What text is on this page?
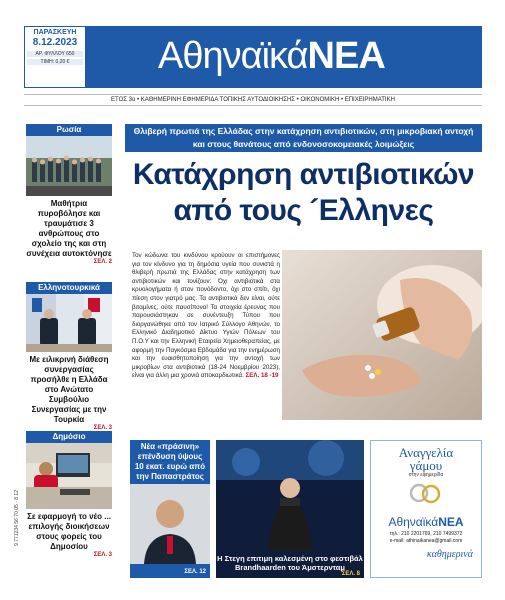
ΠΑΡΑΣΚΕΥΗ
8.12.2023
ΑΡ. ΦΥΛΛΟΥ 650
ΤΙΜΗ: 0,20 €	ΑθηναϊκάΝΕΑ
ΕΤΟΣ 3ο • ΚΑΘΗΜΕΡΙΝΗ ΕΦΗΜΕΡΙΔΑ ΤΟΠΙΚΗΣ ΑΥΤΟΔΙΟΙΚΗΣΗΣ • ΟΙΚΟΝΟΜΙΚΗ • ΕΠΙΧΕΙΡΗΜΑΤΙΚΗ
Ρωσία
Μαθήτρια πυροβόλησε και τραυμάτισε 3 ανθρώπους στο σχολείο της και στη συνέχεια αυτοκτόνησε
ΣΕΛ. 2
Ελληνοτουρκικά
Με ειλικρινή διάθεση συνεργασίας προσήλθε η Ελλάδα στο Ανώτατο Συμβούλιο Συνεργασίας με την Τουρκία
ΣΕΛ. 3
Δημόσιο
Σε εφαρμογή το νέο ... επιλογής διοικήσεων στους φορείς του Δημοσίου
ΣΕΛ. 3
Θλιβερή πρωτιά της Ελλάδας στην κατάχρηση αντιβιοτικών, στη μικροβιακή αντοχή και στους θανάτους από ενδονοσοκομειακές λοιμώξεις
Κατάχρηση αντιβιοτικών
από τους ´Ελληνες
Τον κώδωνα του κινδύνου κρούουν οι επιστήμονες για τον κίνδυνο για τη δημόσια υγεία που συνιστά η θλιβερή πρωτιά της Ελλάδας στην κατάχρηση των αντιβιοτικών και τονίζουν: Όχι αντιβιοτικά στα κρυολογήματα ή στον πονόδοντο, όχι στο σπίτι, όχι πίεση στον γιατρό μας. Τα αντιβιοτικά δεν είναι, ούτε βιταμίνες, ούτε παυσίπονα! Τα στοιχεία έρευνας που παρουσιάστηκαν σε συνέντευξη Τύπου που διοργανώθηκε από τον Ιατρικό Σύλλογο Αθηνών, το Ελληνικό Διαδημοτικό Δίκτυο Υγιών Πόλεων του Π.Ο.Υ και την Ελληνική Εταιρεία Χημειοθεραπείας, με αφορμή την Παγκόσμια Εβδομάδα για την ενημέρωση και την ευαισθητοποίηση για την αντοχή των μικροβίων στα αντιβιοτικά (18-24 Νοεμβρίου 2023), είναι για άλλη μια χρονιά αποκαρδιωτικά. ΣΕΛ. 18 -19
Νέα «πράσινη» επένδυση ύψους 10 εκατ. ευρώ από την Παπαστράτος
ΣΕΛ. 12
Η Στεγη επιτιμη καλεσμένη στο φεστιβάλ Brandhaarden του Άμστερνταμ
ΣΕΛ. 8
Αναγγελία
γάμου
στην εφημερίδα
ΑθηναϊκάΝΕΑ
τηλ.: 210 2201769, 210 7499372
e-mail: athinaikanea@gmail.com
καθημερινά
9 771234 56 70 05 · 8 12
